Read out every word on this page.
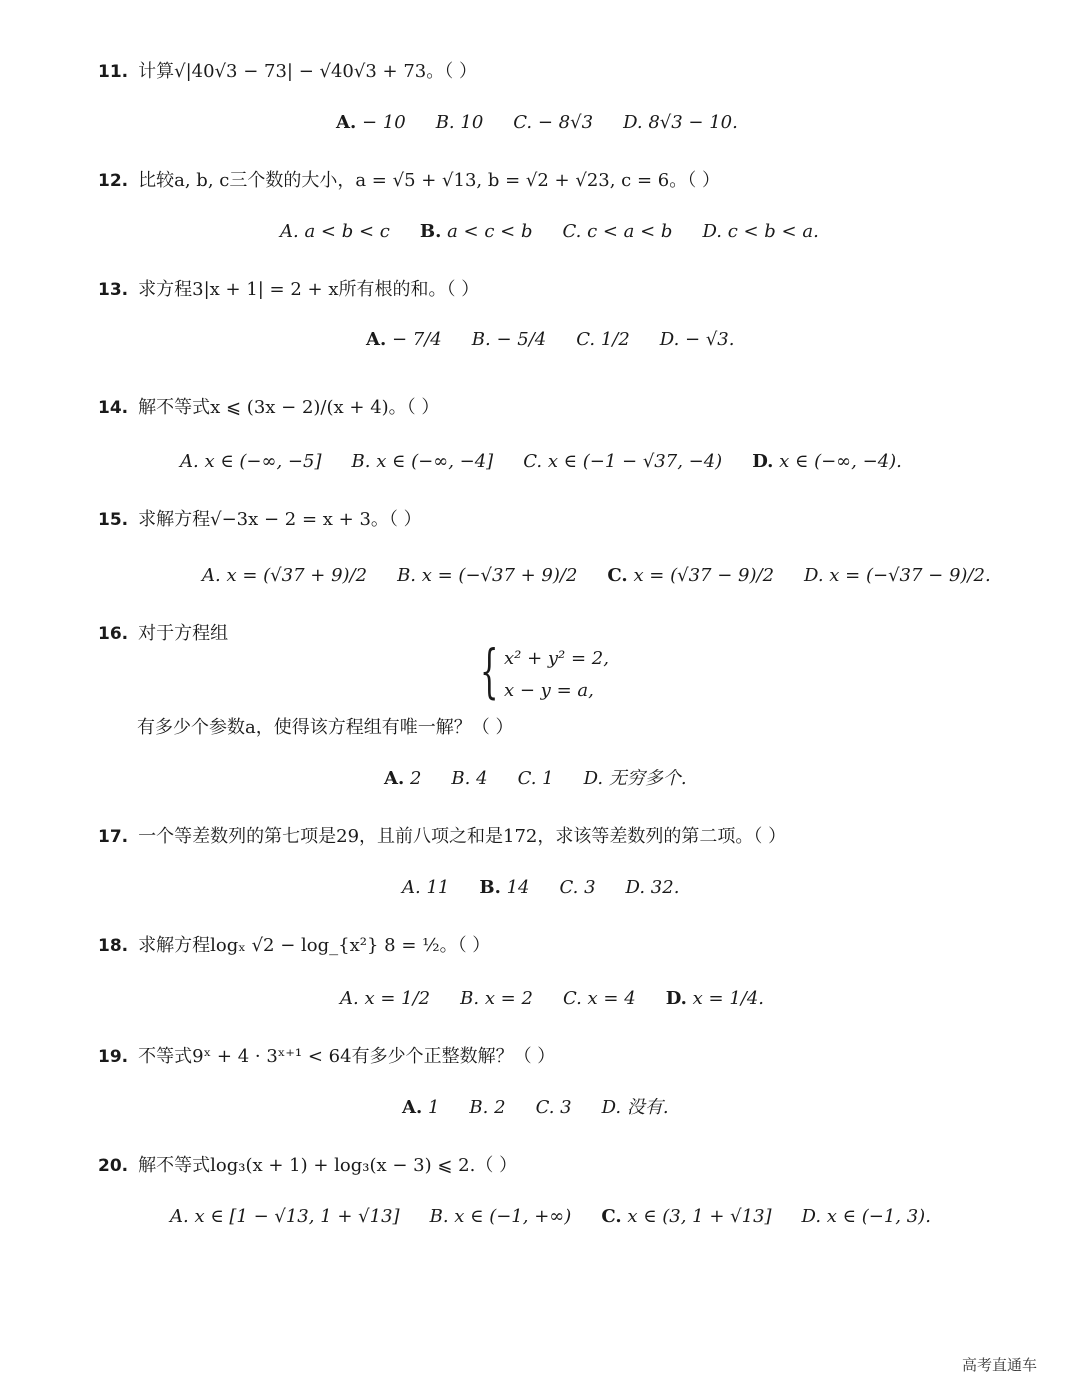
11. 计算√|40√3 − 73| − √40√3 + 73。（ ）
A. − 10 B. 10 C. − 8√3 D. 8√3 − 10.
12. 比较a, b, c三个数的大小，a = √5 + √13, b = √2 + √23, c = 6。（ ）
A. a < b < c B. a < c < b C. c < a < b D. c < b < a.
13. 求方程3|x + 1| = 2 + x所有根的和。（ ）
A. − 7/4 B. − 5/4 C. 1/2 D. − √3.
14. 解不等式x ⩽ (3x − 2)/(x + 4)。（ ）
A. x ∈ (−∞, −5] B. x ∈ (−∞, −4] C. x ∈ (−1 − √37, −4) D. x ∈ (−∞, −4).
15. 求解方程√−3x − 2 = x + 3。（ ）
A. x = (√37 + 9)/2 B. x = (−√37 + 9)/2 C. x = (√37 − 9)/2 D. x = (−√37 − 9)/2.
16. 对于方程组
{ x² + y² = 2,
x − y = a,
有多少个参数a，使得该方程组有唯一解？（ ）
A. 2 B. 4 C. 1 D. 无穷多个.
17. 一个等差数列的第七项是29，且前八项之和是172，求该等差数列的第二项。（ ）
A. 11 B. 14 C. 3 D. 32.
18. 求解方程logₓ √2 − log_{x²} 8 = ½。（ ）
A. x = 1/2 B. x = 2 C. x = 4 D. x = 1/4.
19. 不等式9ˣ + 4 · 3ˣ⁺¹ < 64有多少个正整数解？（ ）
A. 1 B. 2 C. 3 D. 没有.
20. 解不等式log₃(x + 1) + log₃(x − 3) ⩽ 2.（ ）
A. x ∈ [1 − √13, 1 + √13] B. x ∈ (−1, +∞) C. x ∈ (3, 1 + √13] D. x ∈ (−1, 3).
高考直通车
